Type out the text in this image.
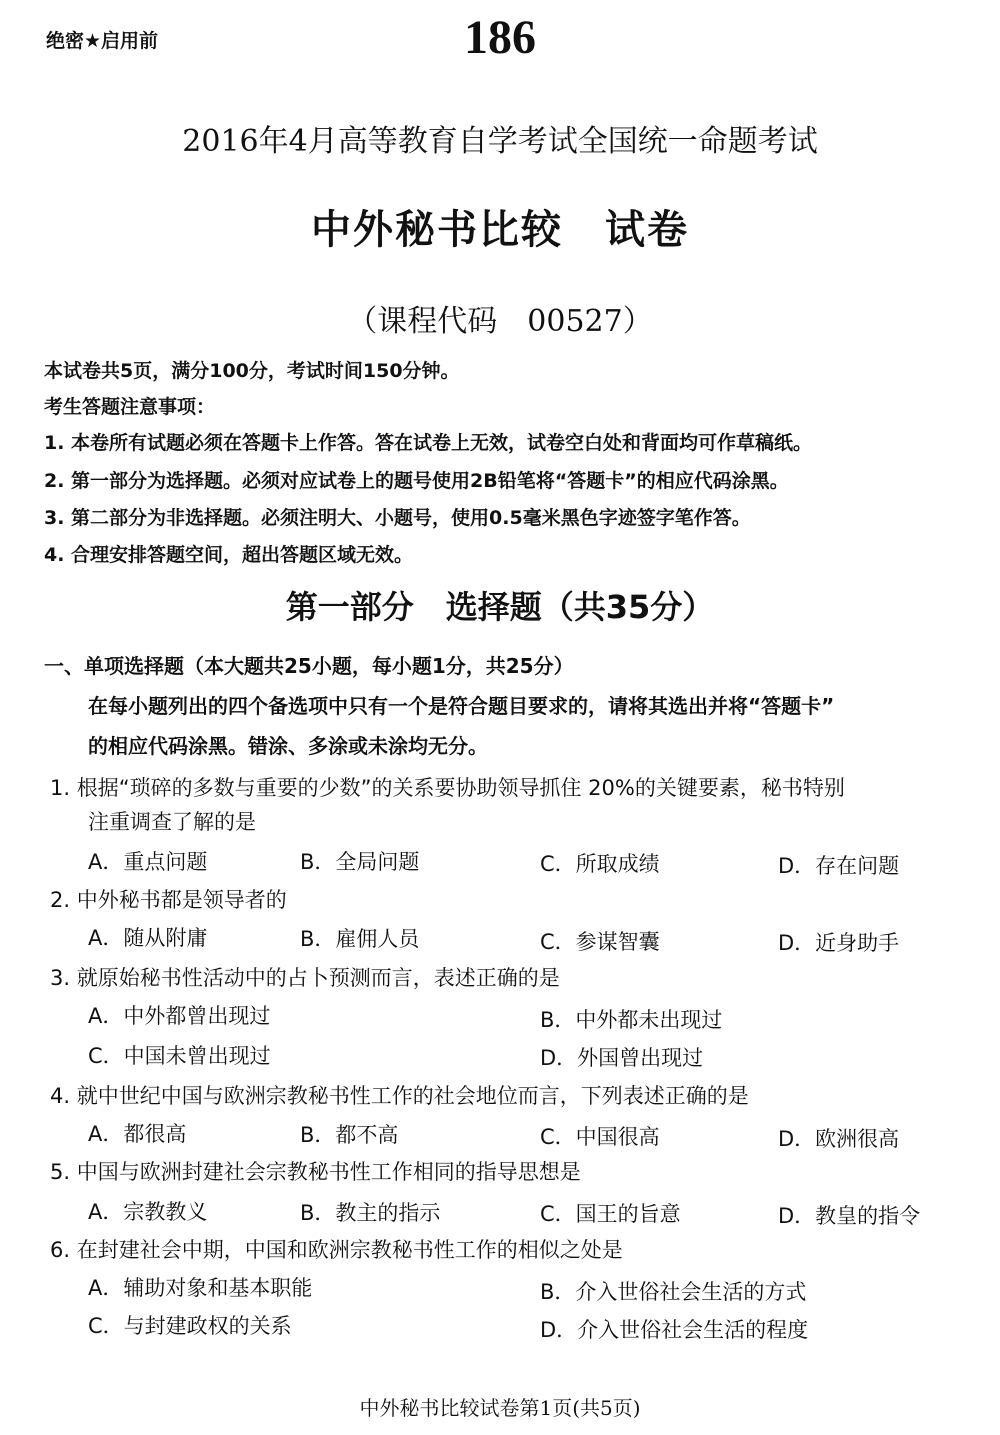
绝密★启用前	186
2016年4月高等教育自学考试全国统一命题考试
中外秘书比较　试卷
（课程代码　00527）
本试卷共5页，满分100分，考试时间150分钟。
考生答题注意事项：
1. 本卷所有试题必须在答题卡上作答。答在试卷上无效，试卷空白处和背面均可作草稿纸。
2. 第一部分为选择题。必须对应试卷上的题号使用2B铅笔将“答题卡”的相应代码涂黑。
3. 第二部分为非选择题。必须注明大、小题号，使用0.5毫米黑色字迹签字笔作答。
4. 合理安排答题空间，超出答题区域无效。
第一部分　选择题（共35分）
一、单项选择题（本大题共25小题，每小题1分，共25分）
在每小题列出的四个备选项中只有一个是符合题目要求的，请将其选出并将“答题卡”
的相应代码涂黑。错涂、多涂或未涂均无分。
1. 根据“琐碎的多数与重要的少数”的关系要协助领导抓住 20%的关键要素，秘书特别
注重调查了解的是
A．重点问题	B．全局问题	C．所取成绩	D．存在问题
2. 中外秘书都是领导者的
A．随从附庸	B．雇佣人员	C．参谋智囊	D．近身助手
3. 就原始秘书性活动中的占卜预测而言，表述正确的是
A．中外都曾出现过	B．中外都未出现过
C．中国未曾出现过	D．外国曾出现过
4. 就中世纪中国与欧洲宗教秘书性工作的社会地位而言，下列表述正确的是
A．都很高	B．都不高	C．中国很高	D．欧洲很高
5. 中国与欧洲封建社会宗教秘书性工作相同的指导思想是
A．宗教教义	B．教主的指示	C．国王的旨意	D．教皇的指令
6. 在封建社会中期，中国和欧洲宗教秘书性工作的相似之处是
A．辅助对象和基本职能	B．介入世俗社会生活的方式
C．与封建政权的关系	D．介入世俗社会生活的程度
中外秘书比较试卷第1页(共5页)
